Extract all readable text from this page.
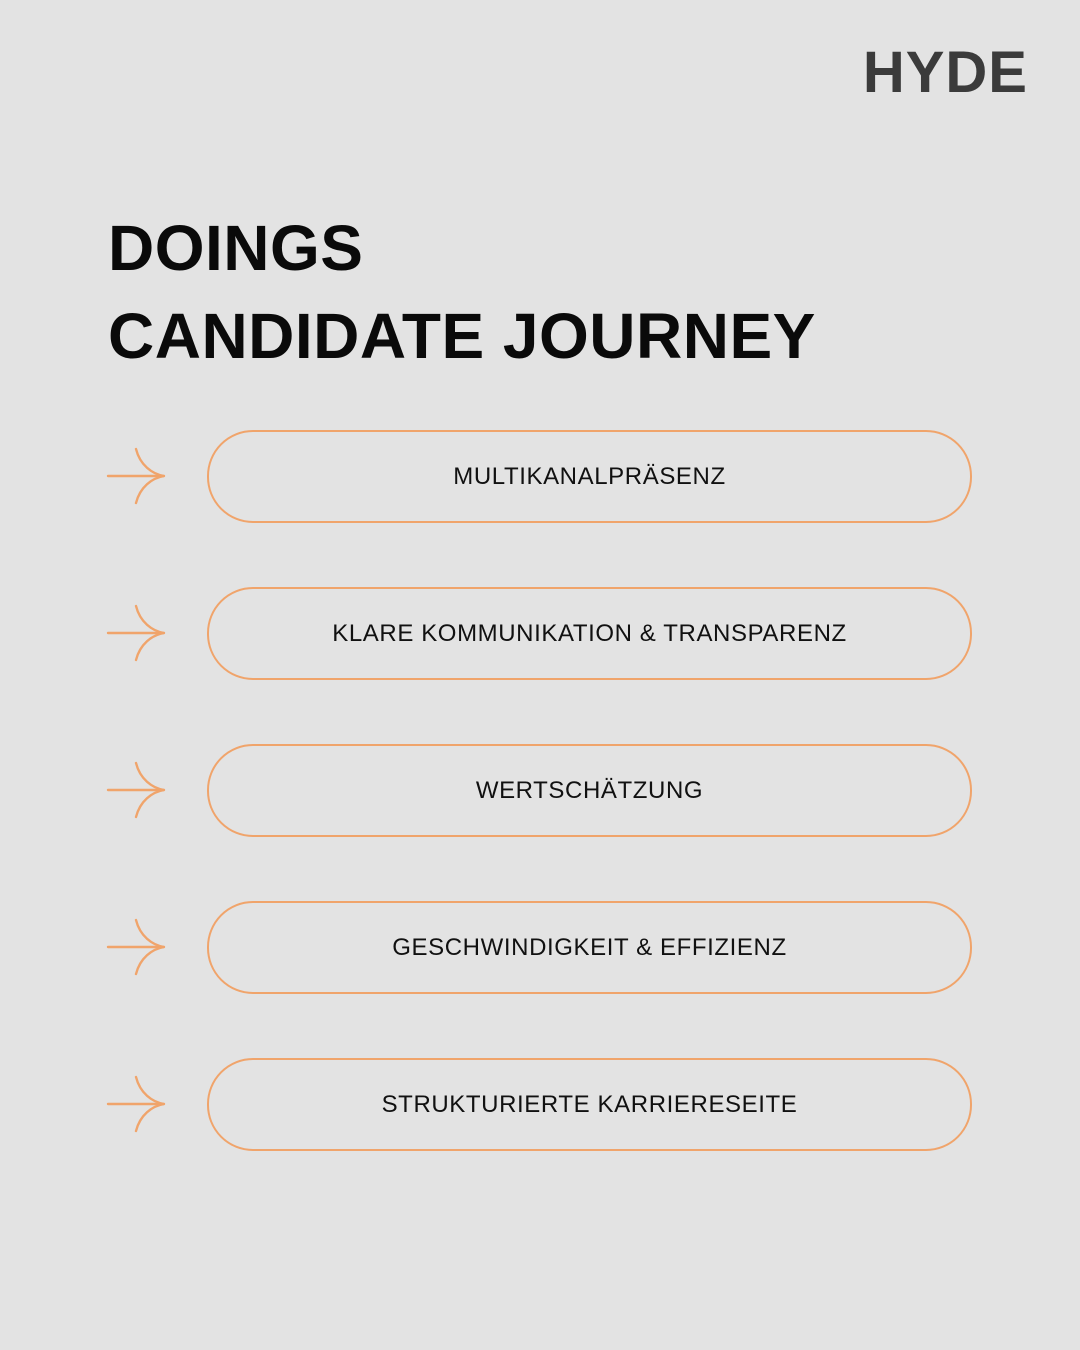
HYDE
DOINGS
CANDIDATE JOURNEY
MULTIKANALPRÄSENZ
KLARE KOMMUNIKATION & TRANSPARENZ
WERTSCHÄTZUNG
GESCHWINDIGKEIT & EFFIZIENZ
STRUKTURIERTE KARRIERESEITE
